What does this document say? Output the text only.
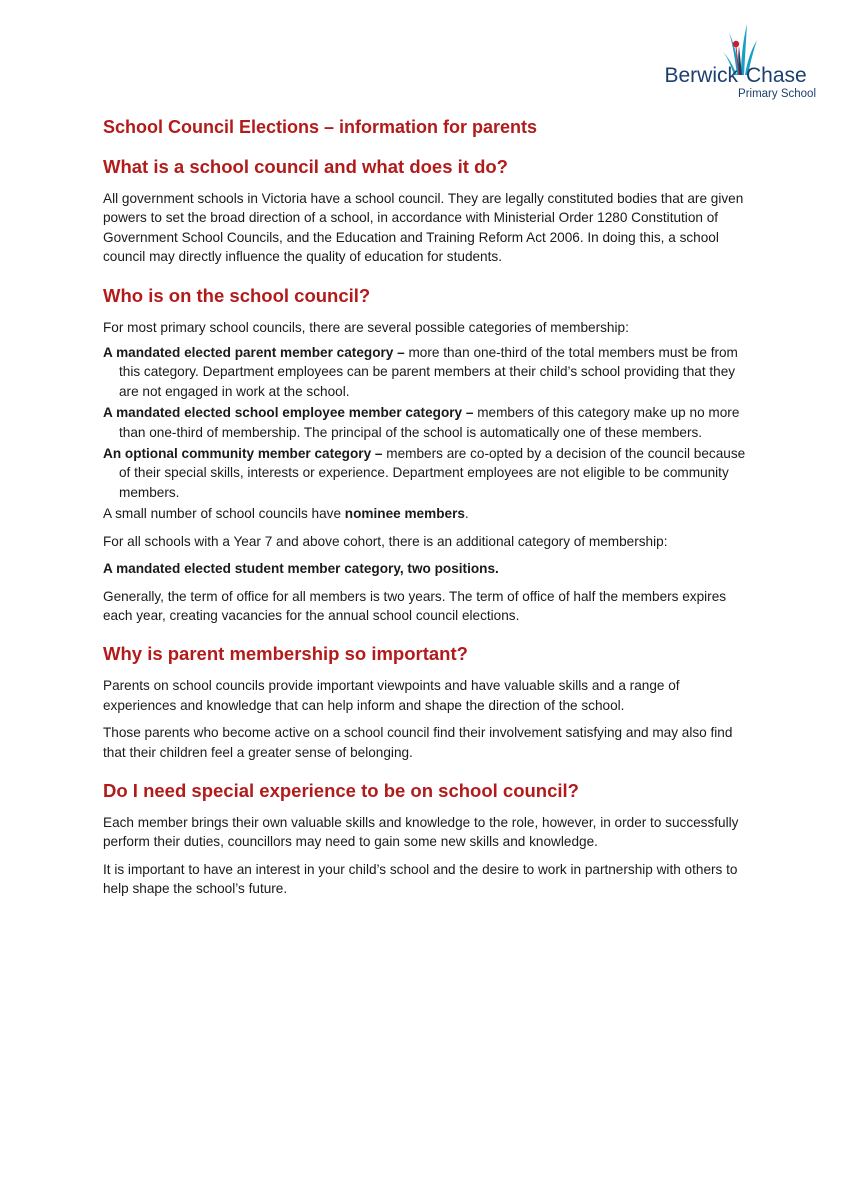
Berwick Chase
Primary School
School Council Elections – information for parents
What is a school council and what does it do?

All government schools in Victoria have a school council. They are legally constituted bodies that are given powers to set the broad direction of a school, in accordance with Ministerial Order 1280 Constitution of Government School Councils, and the Education and Training Reform Act 2006. In doing this, a school council may directly influence the quality of education for students.

Who is on the school council?

For most primary school councils, there are several possible categories of membership:

A mandated elected parent member category – more than one-third of the total members must be from this category. Department employees can be parent members at their child’s school providing that they are not engaged in work at the school.
A mandated elected school employee member category – members of this category make up no more than one-third of membership. The principal of the school is automatically one of these members.
An optional community member category – members are co-opted by a decision of the council because of their special skills, interests or experience. Department employees are not eligible to be community members.

A small number of school councils have nominee members.

For all schools with a Year 7 and above cohort, there is an additional category of membership:

A mandated elected student member category, two positions.

Generally, the term of office for all members is two years. The term of office of half the members expires each year, creating vacancies for the annual school council elections.

Why is parent membership so important?

Parents on school councils provide important viewpoints and have valuable skills and a range of experiences and knowledge that can help inform and shape the direction of the school.

Those parents who become active on a school council find their involvement satisfying and may also find that their children feel a greater sense of belonging.

Do I need special experience to be on school council?

Each member brings their own valuable skills and knowledge to the role, however, in order to successfully perform their duties, councillors may need to gain some new skills and knowledge.

It is important to have an interest in your child’s school and the desire to work in partnership with others to help shape the school’s future.
